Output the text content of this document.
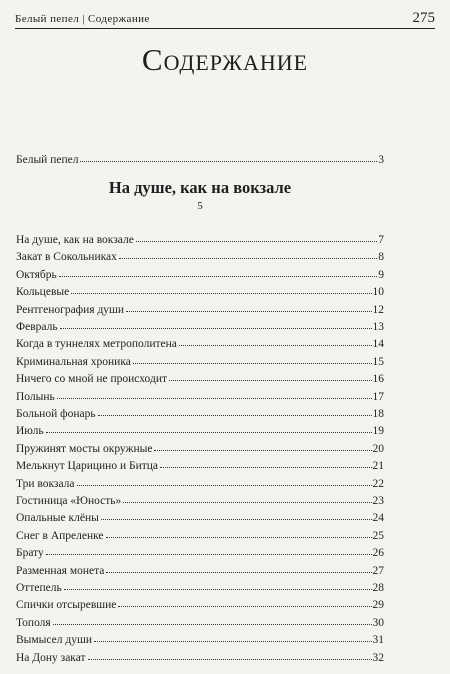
Белый пепел | Содержание	275
Содержание
Белый пепел	3
На душе, как на вокзале
5
На душе, как на вокзале	7
Закат в Сокольниках	8
Октябрь	9
Кольцевые	10
Рентгенография души	12
Февраль	13
Когда в туннелях метрополитена	14
Криминальная хроника	15
Ничего со мной не происходит	16
Полынь	17
Больной фонарь	18
Июль	19
Пружинят мосты окружные	20
Мелькнут Царицино и Битца	21
Три вокзала	22
Гостиница «Юность»	23
Опальные клёны	24
Снег в Апреленке	25
Брату	26
Разменная монета	27
Оттепель	28
Спички отсыревшие	29
Тополя	30
Вымысел души	31
На Дону закат	32
